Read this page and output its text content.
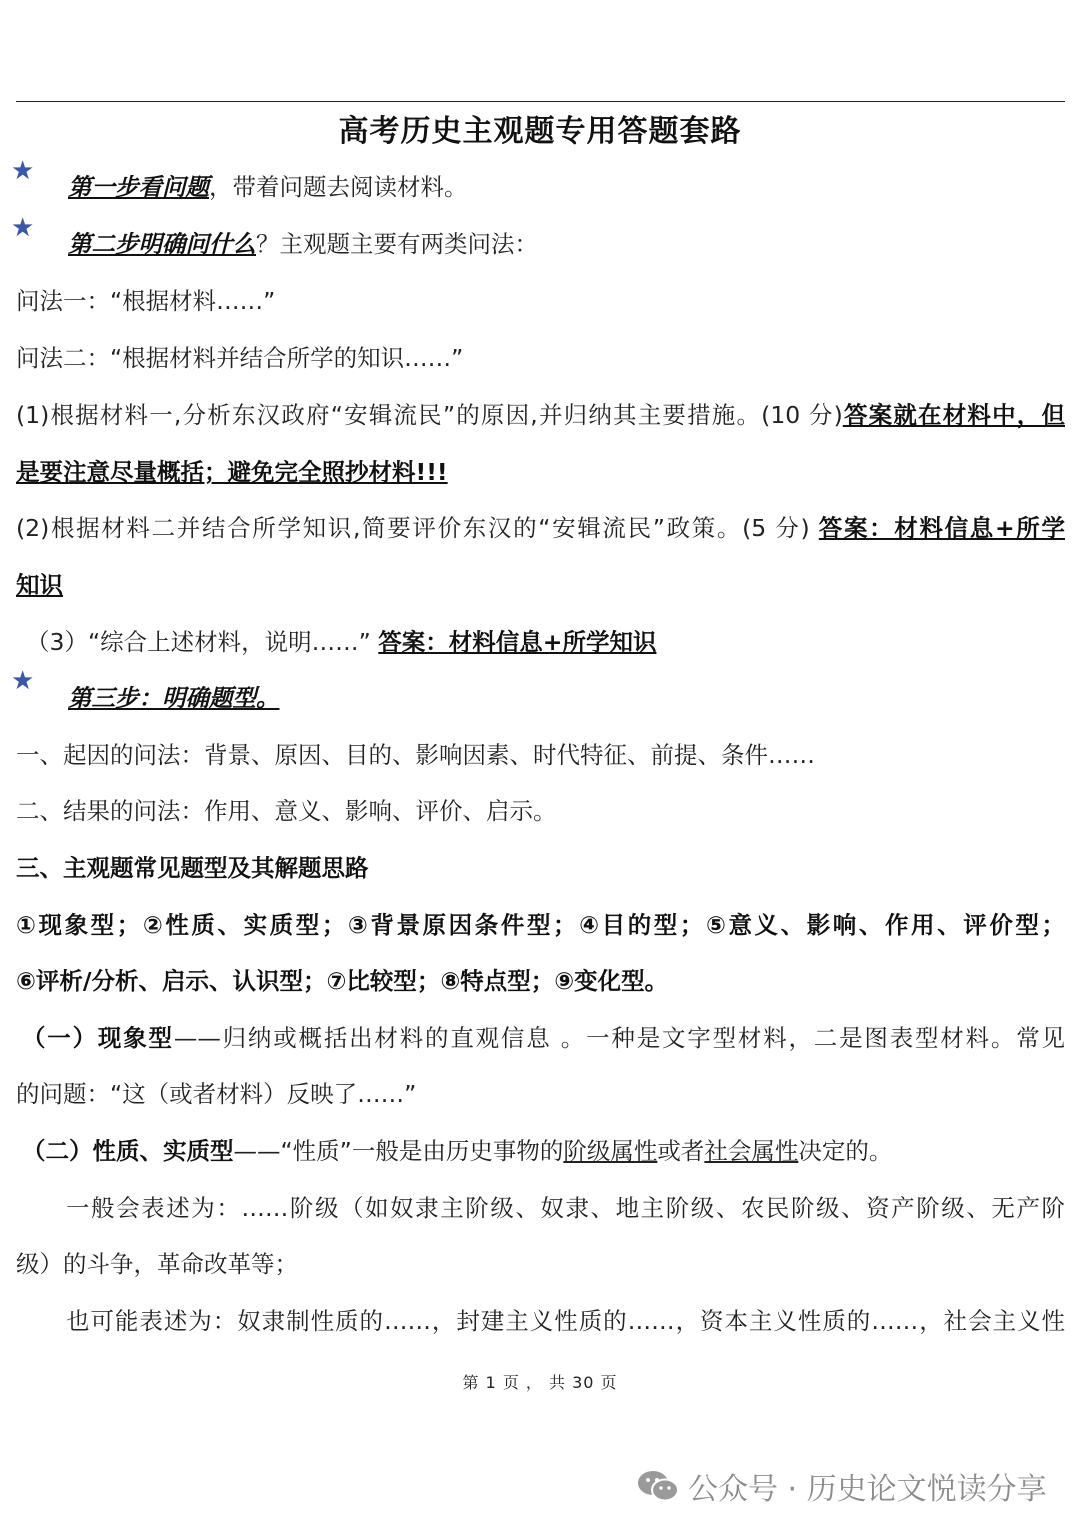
高考历史主观题专用答题套路
★
第一步看问题，带着问题去阅读材料。
★
第二步明确问什么？主观题主要有两类问法：
问法一：“根据材料……”
问法二：“根据材料并结合所学的知识……”
(1)根据材料一,分析东汉政府“安辑流民”的原因,并归纳其主要措施。(10 分)答案就在材料中，但
是要注意尽量概括；避免完全照抄材料!!!
(2)根据材料二并结合所学知识,简要评价东汉的“安辑流民”政策。(5 分) 答案：材料信息+所学
知识
（3）“综合上述材料，说明……” 答案：材料信息+所学知识
★
第三步：明确题型。
一、起因的问法：背景、原因、目的、影响因素、时代特征、前提、条件……
二、结果的问法：作用、意义、影响、评价、启示。
三、主观题常见题型及其解题思路
①现象型；②性质、实质型；③背景原因条件型；④目的型；⑤意义、影响、作用、评价型；
⑥评析/分析、启示、认识型；⑦比较型；⑧特点型；⑨变化型。
（一）现象型——归纳或概括出材料的直观信息 。一种是文字型材料，二是图表型材料。常见
的问题：“这（或者材料）反映了……”
（二）性质、实质型——“性质”一般是由历史事物的阶级属性或者社会属性决定的。
一般会表述为：……阶级（如奴隶主阶级、奴隶、地主阶级、农民阶级、资产阶级、无产阶
级）的斗争，革命改革等；
也可能表述为：奴隶制性质的……，封建主义性质的……，资本主义性质的……，社会主义性
第 1 页 ， 共 30 页
公众号 · 历史论文悦读分享
